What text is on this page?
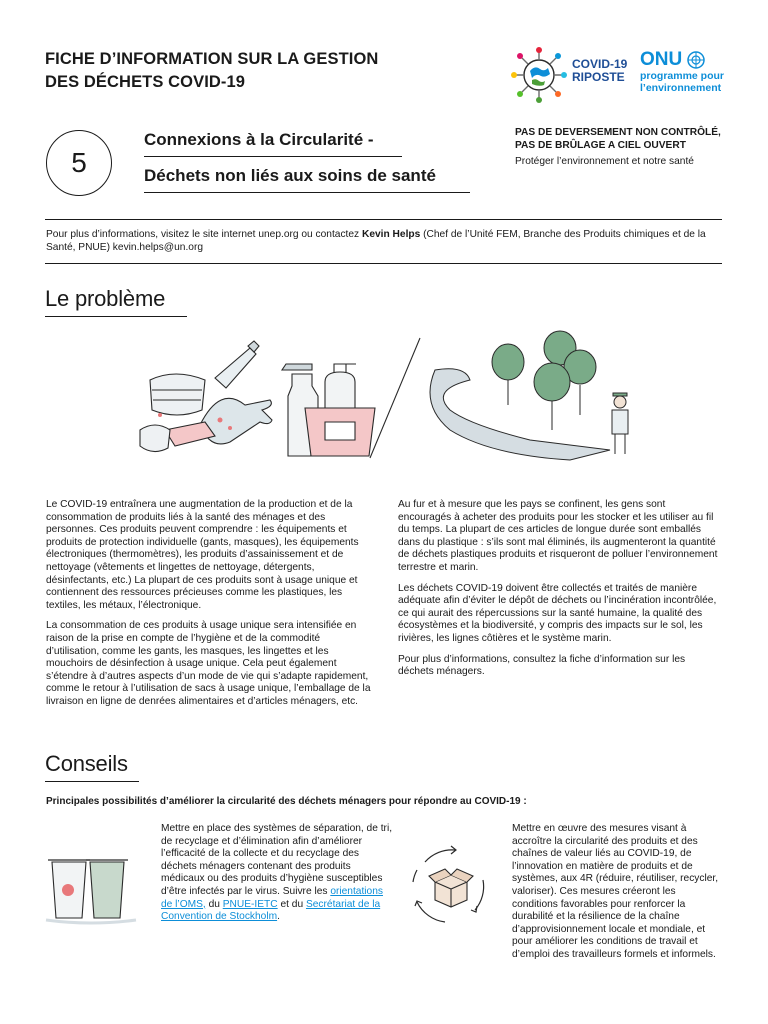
FICHE D’INFORMATION SUR LA GESTION
DES DÉCHETS COVID-19
COVID-19
RIPOSTE
ONU
programme pour
l’environnement
5
Connexions à la Circularité -
Déchets non liés aux soins de santé
PAS DE DEVERSEMENT NON CONTRÔLÉ,
PAS DE BRÛLAGE A CIEL OUVERT
Protéger l’environnement et notre santé
Pour plus d’informations, visitez le site internet unep.org ou contactez Kevin Helps (Chef de l’Unité FEM, Branche des Produits chimiques et de la Santé, PNUE) kevin.helps@un.org
Le problème

Le COVID-19 entraînera une augmentation de la production et de la consommation de produits liés à la santé des ménages et des personnes. Ces produits peuvent comprendre : les équipements et produits de protection individuelle (gants, masques), les équipements électroniques (thermomètres), les produits d’assainissement et de nettoyage (vêtements et lingettes de nettoyage, détergents, désinfectants, etc.) La plupart de ces produits sont à usage unique et contiennent des ressources précieuses comme les plastiques, les textiles, les métaux, l’électronique.

La consommation de ces produits à usage unique sera intensifiée en raison de la prise en compte de l’hygiène et de la commodité d’utilisation, comme les gants, les masques, les lingettes et les mouchoirs de désinfection à usage unique. Cela peut également s’étendre à d’autres aspects d’un mode de vie qui s’adapte rapidement, comme le retour à l’utilisation de sacs à usage unique, l’emballage de la livraison en ligne de denrées alimentaires et d’articles ménagers, etc.

Au fur et à mesure que les pays se confinent, les gens sont encouragés à acheter des produits pour les stocker et les utiliser au fil du temps. La plupart de ces articles de longue durée sont emballés dans du plastique : s’ils sont mal éliminés, ils augmenteront la quantité de déchets plastiques produits et risqueront de polluer l’environnement terrestre et marin.

Les déchets COVID-19 doivent être collectés et traités de manière adéquate afin d’éviter le dépôt de déchets ou l’incinération incontrôlée, ce qui aurait des répercussions sur la santé humaine, la qualité des écosystèmes et la biodiversité, y compris des impacts sur le sol, les rivières, les lignes côtières et le système marin.

Pour plus d’informations, consultez la fiche d’information sur les déchets ménagers.

Conseils
Principales possibilités d’améliorer la circularité des déchets ménagers pour répondre au COVID-19 :

Mettre en place des systèmes de séparation, de tri, de recyclage et d’élimination afin d’améliorer l’efficacité de la collecte et du recyclage des déchets ménagers contenant des produits médicaux ou des produits d’hygiène susceptibles d’être infectés par le virus. Suivre les orientations de l’OMS, du PNUE-IETC et du Secrétariat de la Convention de Stockholm.

Mettre en œuvre des mesures visant à accroître la circularité des produits et des chaînes de valeur liés au COVID-19, de l’innovation en matière de produits et de systèmes, aux 4R (réduire, réutiliser, recycler, valoriser). Ces mesures créeront les conditions favorables pour renforcer la durabilité et la résilience de la chaîne d’approvisionnement locale et mondiale, et pour améliorer les conditions de travail et d’emploi des travailleurs formels et informels.
